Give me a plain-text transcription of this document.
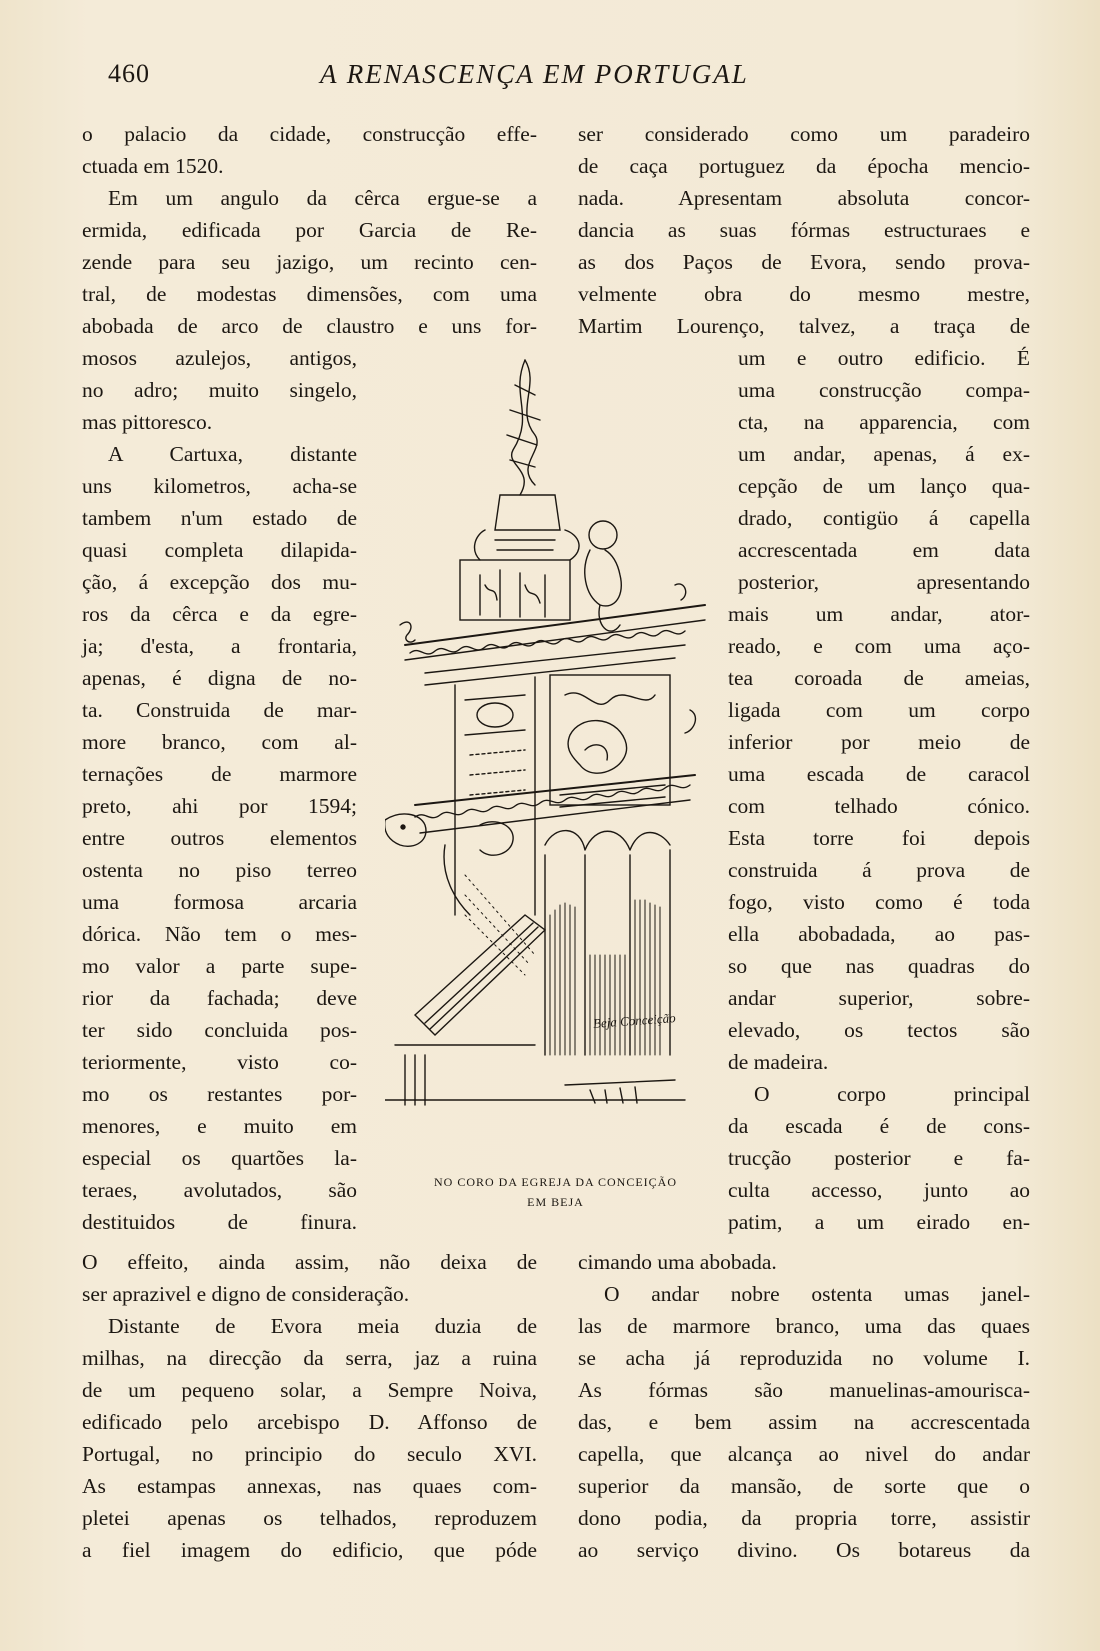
460	A RENASCENÇA EM PORTUGAL
o palacio da cidade, construcção effe-
ctuada em 1520.
Em um angulo da cêrca ergue-se a
ermida, edificada por Garcia de Re-
zende para seu jazigo, um recinto cen-
tral, de modestas dimensões, com uma
abobada de arco de claustro e uns for-
mosos azulejos, antigos,
no adro; muito singelo,
mas pittoresco.
A Cartuxa, distante
uns kilometros, acha-se
tambem n'um estado de
quasi completa dilapida-
ção, á excepção dos mu-
ros da cêrca e da egre-
ja; d'esta, a frontaria,
apenas, é digna de no-
ta. Construida de mar-
more branco, com al-
ternações de marmore
preto, ahi por 1594;
entre outros elementos
ostenta no piso terreo
uma formosa arcaria
dórica. Não tem o mes-
mo valor a parte supe-
rior da fachada; deve
ter sido concluida pos-
teriormente, visto co-
mo os restantes por-
menores, e muito em
especial os quartões la-
teraes, avolutados, são
destituidos de finura.
O effeito, ainda assim, não deixa de
ser aprazivel e digno de consideração.
Distante de Evora meia duzia de
milhas, na direcção da serra, jaz a ruina
de um pequeno solar, a Sempre Noiva,
edificado pelo arcebispo D. Affonso de
Portugal, no principio do seculo XVI.
As estampas annexas, nas quaes com-
pletei apenas os telhados, reproduzem
a fiel imagem do edificio, que póde
ser considerado como um paradeiro
de caça portuguez da épocha mencio-
nada. Apresentam absoluta concor-
dancia as suas fórmas estructuraes e
as dos Paços de Evora, sendo prova-
velmente obra do mesmo mestre,
Martim Lourenço, talvez, a traça de
um e outro edificio. É
uma construcção compa-
cta, na apparencia, com
um andar, apenas, á ex-
cepção de um lanço qua-
drado, contigüo á capella
accrescentada em data
posterior, apresentando
mais um andar, ator-
reado, e com uma aço-
tea coroada de ameias,
ligada com um corpo
inferior por meio de
uma escada de caracol
com telhado cónico.
Esta torre foi depois
construida á prova de
fogo, visto como é toda
ella abobadada, ao pas-
so que nas quadras do
andar superior, sobre-
elevado, os tectos são
de madeira.
O corpo principal
da escada é de cons-
trucção posterior e fa-
culta accesso, junto ao
patim, a um eirado en-
cimando uma abobada.
O andar nobre ostenta umas janel-
las de marmore branco, uma das quaes
se acha já reproduzida no volume I.
As fórmas são manuelinas-amourisca-
das, e bem assim na accrescentada
capella, que alcança ao nivel do andar
superior da mansão, de sorte que o
dono podia, da propria torre, assistir
ao serviço divino. Os botareus da
Beja Conceição
NO CORO DA EGREJA DA CONCEIÇÃO
EM BEJA
